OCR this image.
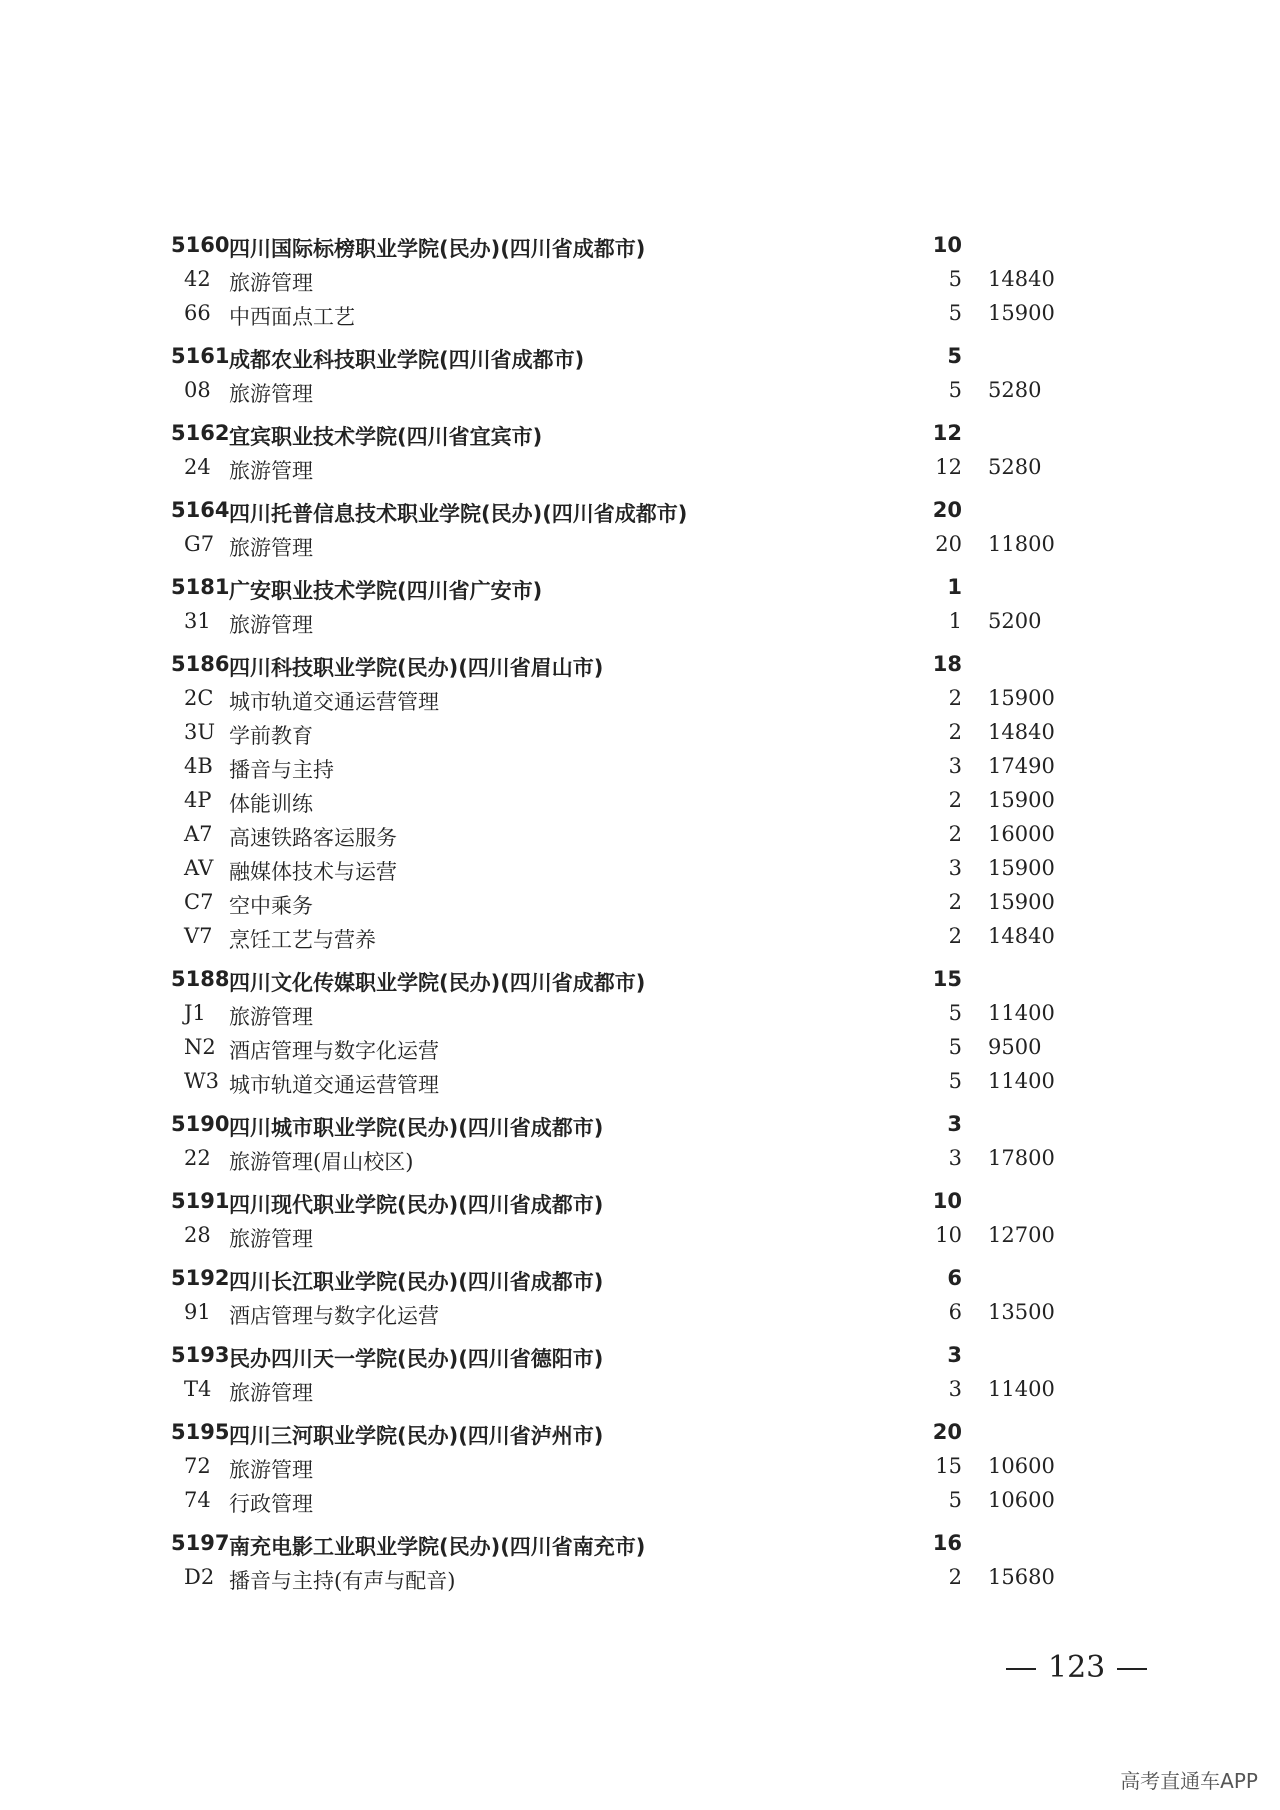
5160 四川国际标榜职业学院(民办)(四川省成都市)	10
42 旅游管理	5 14840
66 中西面点工艺	5 15900
5161 成都农业科技职业学院(四川省成都市)	5
08 旅游管理	5 5280
5162 宜宾职业技术学院(四川省宜宾市)	12
24 旅游管理	12 5280
5164 四川托普信息技术职业学院(民办)(四川省成都市)	20
G7 旅游管理	20 11800
5181 广安职业技术学院(四川省广安市)	1
31 旅游管理	1 5200
5186 四川科技职业学院(民办)(四川省眉山市)	18
2C 城市轨道交通运营管理	2 15900
3U 学前教育	2 14840
4B 播音与主持	3 17490
4P 体能训练	2 15900
A7 高速铁路客运服务	2 16000
AV 融媒体技术与运营	3 15900
C7 空中乘务	2 15900
V7 烹饪工艺与营养	2 14840
5188 四川文化传媒职业学院(民办)(四川省成都市)	15
J1 旅游管理	5 11400
N2 酒店管理与数字化运营	5 9500
W3 城市轨道交通运营管理	5 11400
5190 四川城市职业学院(民办)(四川省成都市)	3
22 旅游管理(眉山校区)	3 17800
5191 四川现代职业学院(民办)(四川省成都市)	10
28 旅游管理	10 12700
5192 四川长江职业学院(民办)(四川省成都市)	6
91 酒店管理与数字化运营	6 13500
5193 民办四川天一学院(民办)(四川省德阳市)	3
T4 旅游管理	3 11400
5195 四川三河职业学院(民办)(四川省泸州市)	20
72 旅游管理	15 10600
74 行政管理	5 10600
5197 南充电影工业职业学院(民办)(四川省南充市)	16
D2 播音与主持(有声与配音)	2 15680
123
高考直通车APP
